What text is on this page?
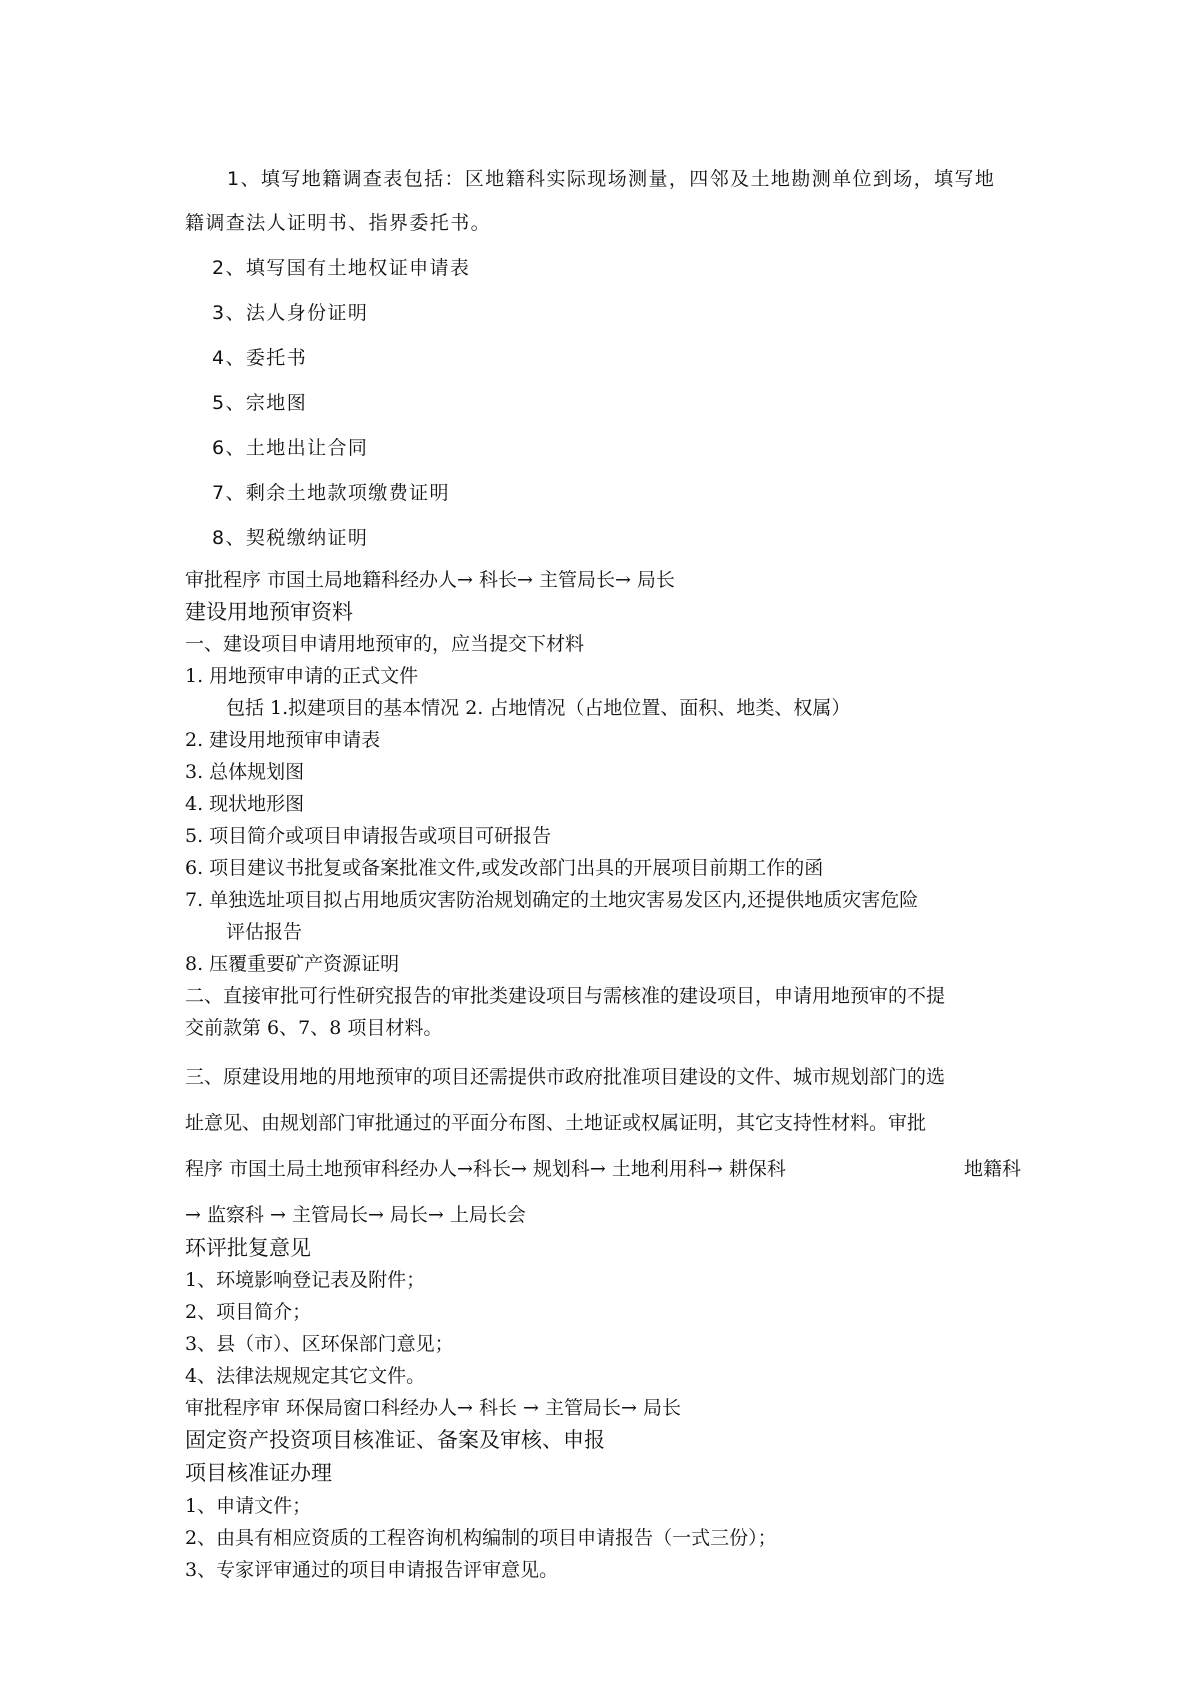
1、填写地籍调查表包括：区地籍科实际现场测量，四邻及土地勘测单位到场，填写地
籍调查法人证明书、指界委托书。
2、填写国有土地权证申请表
3、法人身份证明
4、委托书
5、宗地图
6、土地出让合同
7、剩余土地款项缴费证明
8、契税缴纳证明
审批程序 市国土局地籍科经办人→ 科长→ 主管局长→ 局长
建设用地预审资料
一、建设项目申请用地预审的，应当提交下材料
1. 用地预审申请的正式文件
包括 1.拟建项目的基本情况 2. 占地情况（占地位置、面积、地类、权属）
2. 建设用地预审申请表
3. 总体规划图
4. 现状地形图
5. 项目简介或项目申请报告或项目可研报告
6. 项目建议书批复或备案批准文件,或发改部门出具的开展项目前期工作的函
7. 单独选址项目拟占用地质灾害防治规划确定的土地灾害易发区内,还提供地质灾害危险
评估报告
8. 压覆重要矿产资源证明
二、直接审批可行性研究报告的审批类建设项目与需核准的建设项目，申请用地预审的不提
交前款第 6、7、8 项目材料。
三、原建设用地的用地预审的项目还需提供市政府批准项目建设的文件、城市规划部门的选
址意见、由规划部门审批通过的平面分布图、土地证或权属证明，其它支持性材料。审批
程序 市国土局土地预审科经办人→科长→ 规划科→ 土地利用科→ 耕保科	地籍科
→ 监察科 → 主管局长→ 局长→ 上局长会
环评批复意见
1、环境影响登记表及附件；
2、项目简介；
3、县（市）、区环保部门意见；
4、法律法规规定其它文件。
审批程序审 环保局窗口科经办人→ 科长 → 主管局长→ 局长
固定资产投资项目核准证、备案及审核、申报
项目核准证办理
1、申请文件；
2、由具有相应资质的工程咨询机构编制的项目申请报告（一式三份）；
3、专家评审通过的项目申请报告评审意见。
